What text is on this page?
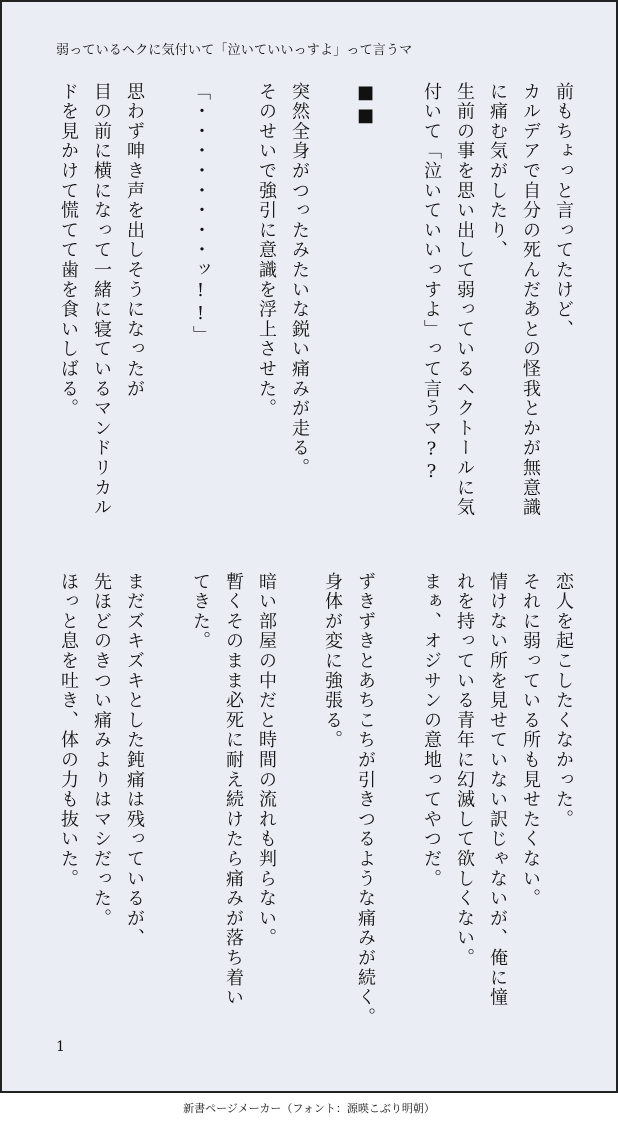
弱っているヘクに気付いて「泣いていいっすよ」って言うマ
前もちょっと言ってたけど、
カルデアで自分の死んだあとの怪我とかが無意識
に痛む気がしたり、
生前の事を思い出して弱っているヘクトールに気
付いて「泣いていいっすよ」って言うマ??

■■

突然全身がつったみたいな鋭い痛みが走る。
そのせいで強引に意識を浮上させた。

「・・・・・・・・ッ!!」

思わず呻き声を出しそうになったが
目の前に横になって一緒に寝ているマンドリカル
ドを見かけて慌てて歯を食いしばる。
恋人を起こしたくなかった。
それに弱っている所も見せたくない。
情けない所を見せていない訳じゃないが、俺に憧
れを持っている青年に幻滅して欲しくない。
まぁ、オジサンの意地ってやつだ。

ずきずきとあちこちが引きつるような痛みが続く。
身体が変に強張る。

暗い部屋の中だと時間の流れも判らない。
暫くそのまま必死に耐え続けたら痛みが落ち着い
てきた。

まだズキズキとした鈍痛は残っているが、
先ほどのきつい痛みよりはマシだった。
ほっと息を吐き、体の力も抜いた。
1
新書ページメーカー（フォント：源暎こぶり明朝）
